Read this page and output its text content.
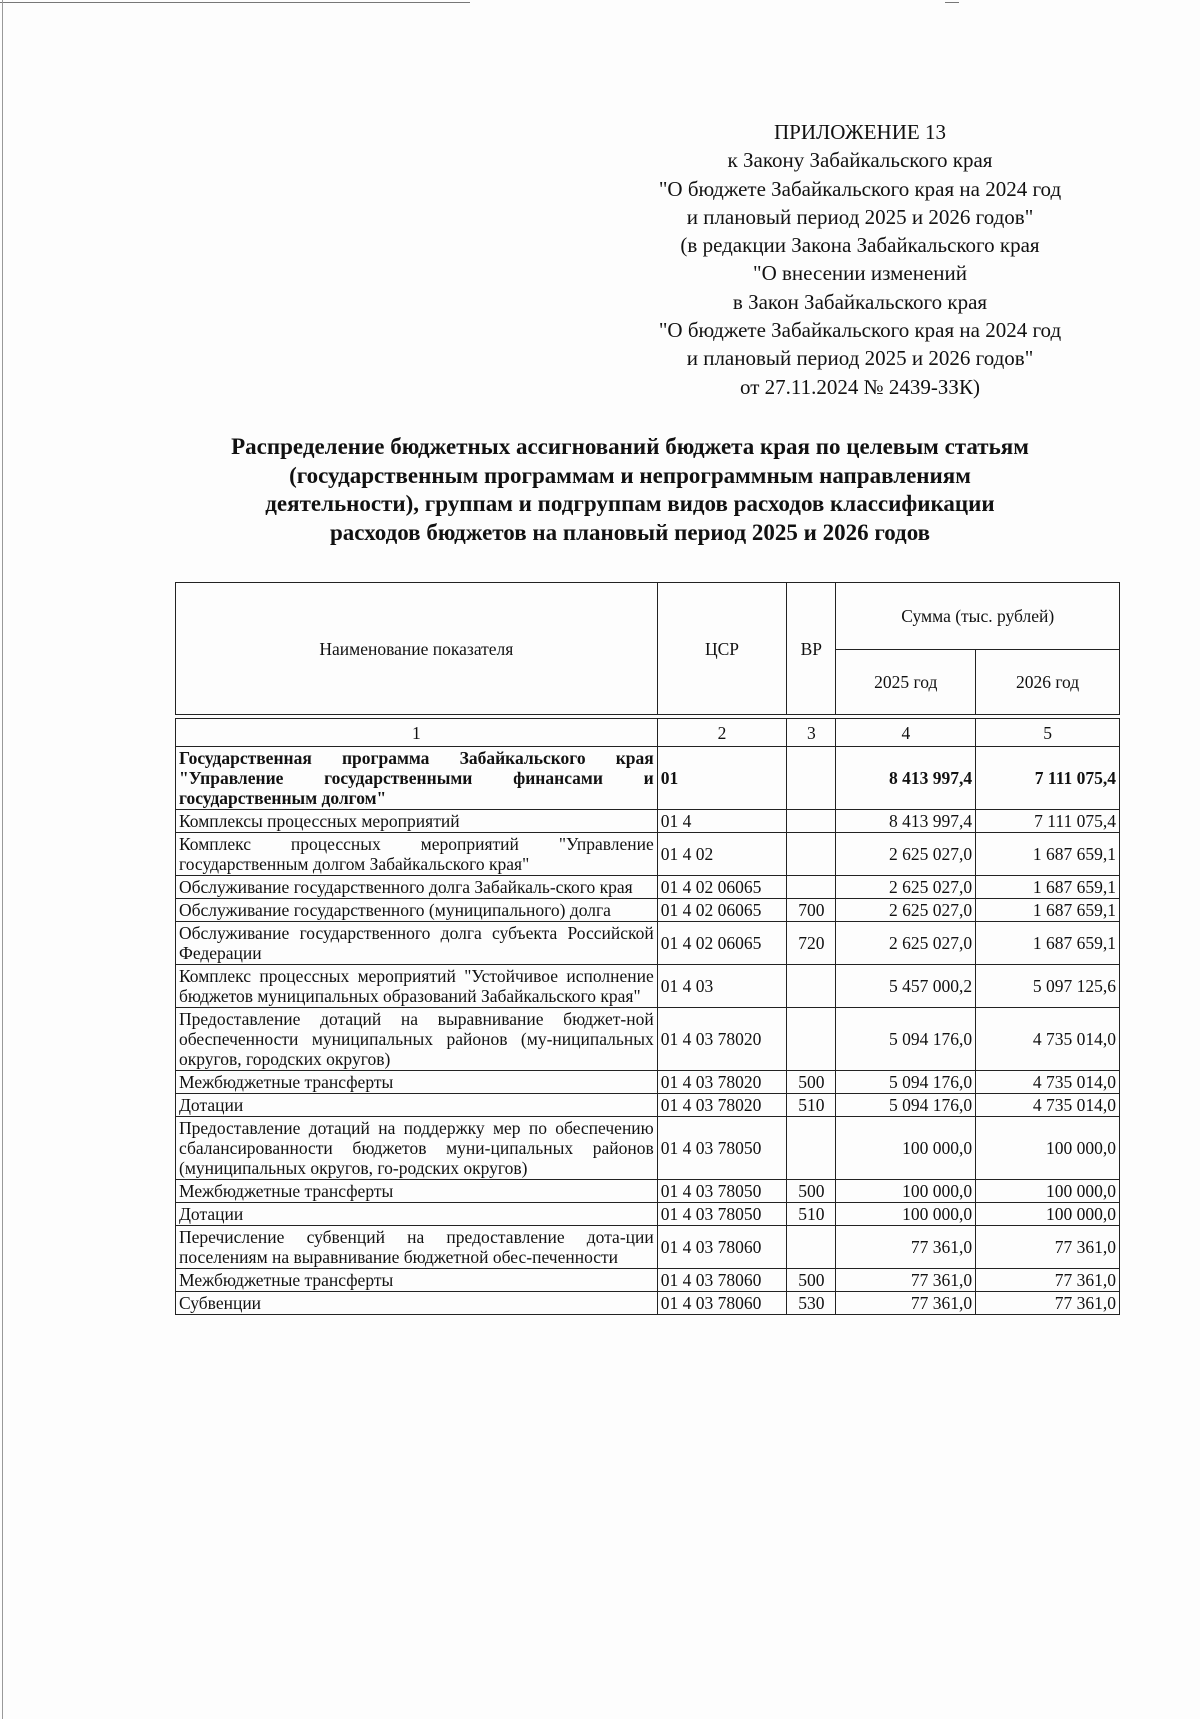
ПРИЛОЖЕНИЕ 13
к Закону Забайкальского края
"О бюджете Забайкальского края на 2024 год
и плановый период 2025 и 2026 годов"
(в редакции Закона Забайкальского края
"О внесении изменений
в Закон Забайкальского края
"О бюджете Забайкальского края на 2024 год
и плановый период 2025 и 2026 годов"
от 27.11.2024 № 2439-ЗЗК)
Распределение бюджетных ассигнований бюджета края по целевым статьям
(государственным программам и непрограммным направлениям
деятельности), группам и подгруппам видов расходов классификации
расходов бюджетов на плановый период 2025 и 2026 годов
Наименование показателя	ЦСР	ВР	Сумма (тыс. рублей)	
			2025 год	2026 год

1	2	3	4	5
Государственная программа Забайкальского края "Управление государственными финансами и государственным долгом"	01		8 413 997,4	7 111 075,4
Комплексы процессных мероприятий	01 4		8 413 997,4	7 111 075,4
Комплекс процессных мероприятий "Управление государственным долгом Забайкальского края"	01 4 02		2 625 027,0	1 687 659,1
Обслуживание государственного долга Забайкаль-ского края	01 4 02 06065		2 625 027,0	1 687 659,1
Обслуживание государственного (муниципального) долга	01 4 02 06065	700	2 625 027,0	1 687 659,1
Обслуживание государственного долга субъекта Российской Федерации	01 4 02 06065	720	2 625 027,0	1 687 659,1
Комплекс процессных мероприятий "Устойчивое исполнение бюджетов муниципальных образований Забайкальского края"	01 4 03		5 457 000,2	5 097 125,6
Предоставление дотаций на выравнивание бюджет-ной обеспеченности муниципальных районов (му-ниципальных округов, городских округов)	01 4 03 78020		5 094 176,0	4 735 014,0
Межбюджетные трансферты	01 4 03 78020	500	5 094 176,0	4 735 014,0
Дотации	01 4 03 78020	510	5 094 176,0	4 735 014,0
Предоставление дотаций на поддержку мер по обеспечению сбалансированности бюджетов муни-ципальных районов (муниципальных округов, го-родских округов)	01 4 03 78050		100 000,0	100 000,0
Межбюджетные трансферты	01 4 03 78050	500	100 000,0	100 000,0
Дотации	01 4 03 78050	510	100 000,0	100 000,0
Перечисление субвенций на предоставление дота-ции поселениям на выравнивание бюджетной обес-печенности	01 4 03 78060		77 361,0	77 361,0
Межбюджетные трансферты	01 4 03 78060	500	77 361,0	77 361,0
Субвенции	01 4 03 78060	530	77 361,0	77 361,0
